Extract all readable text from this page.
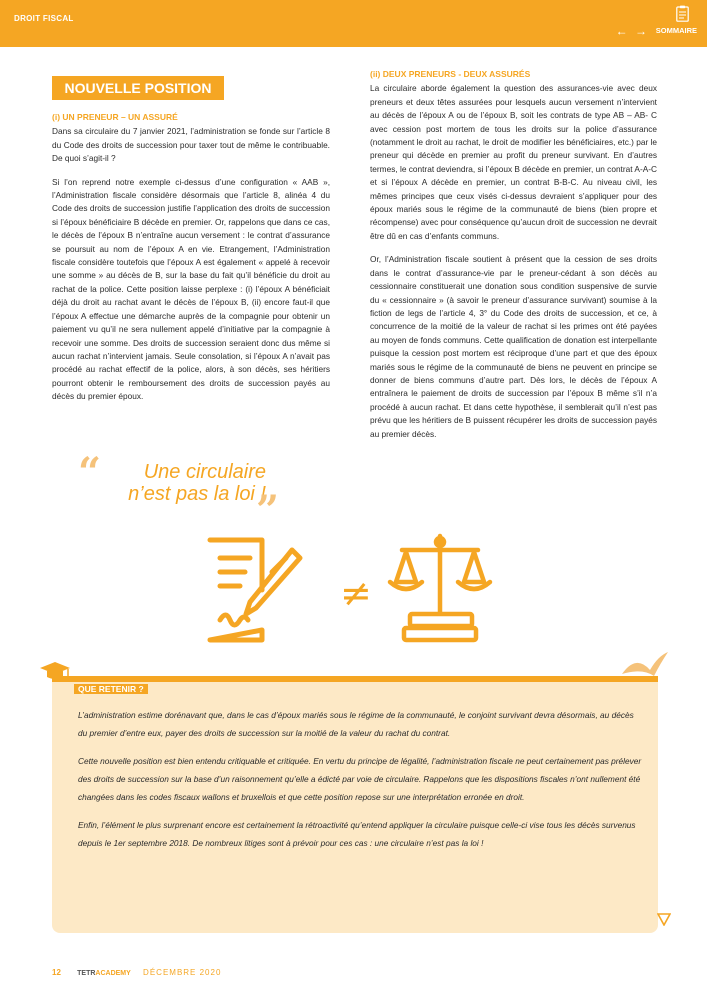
DROIT FISCAL
← → SOMMAIRE
NOUVELLE POSITION
(i) UN PRENEUR – UN ASSURÉ

Dans sa circulaire du 7 janvier 2021, l’administration se fonde sur l’article 8 du Code des droits de succession pour taxer tout de même le contribuable. De quoi s’agit-il ?

Si l’on reprend notre exemple ci-dessus d’une configuration « AAB », l’Administration fiscale considère désormais que l’article 8, alinéa 4 du Code des droits de succession justifie l’application des droits de succession si l’époux bénéficiaire B décède en premier. Or, rappelons que dans ce cas, le décès de l’époux B n’entraîne aucun versement : le contrat d’assurance se poursuit au nom de l’époux A en vie. Etrangement, l’Administration fiscale considère toutefois que l’époux A est également « appelé à recevoir une somme » au décès de B, sur la base du fait qu’il bénéficie du droit au rachat de la police. Cette position laisse perplexe : (i) l’époux A bénéficiait déjà du droit au rachat avant le décès de l’époux B, (ii) encore faut-il que l’époux A effectue une démarche auprès de la compagnie pour obtenir un paiement vu qu’il ne sera nullement appelé d’initiative par la compagnie à recevoir une somme. Des droits de succession seraient donc dus même si aucun rachat n’intervient jamais. Seule consolation, si l’époux A n’avait pas procédé au rachat effectif de la police, alors, à son décès, ses héritiers pourront obtenir le remboursement des droits de succession payés au décès du premier époux.

“	Une circulaire n’est pas la loi !
”
(ii) DEUX PRENEURS - DEUX ASSURÉS

La circulaire aborde également la question des assurances-vie avec deux preneurs et deux têtes assurées pour lesquels aucun versement n’intervient au décès de l’époux A ou de l’époux B, soit les contrats de type AB – AB- C avec cession post mortem de tous les droits sur la police d’assurance (notamment le droit au rachat, le droit de modifier les bénéficiaires, etc.) par le preneur qui décède en premier au profit du preneur survivant. En d’autres termes, le contrat deviendra, si l’époux B décède en premier, un contrat A-A-C et si l’époux A décède en premier, un contrat B-B-C. Au niveau civil, les mêmes principes que ceux visés ci-dessus devraient s’appliquer pour des époux mariés sous le régime de la communauté de biens (bien propre et récompense) avec pour conséquence qu’aucun droit de succession ne devrait être dû en cas d’enfants communs.

Or, l’Administration fiscale soutient à présent que la cession de ses droits dans le contrat d’assurance-vie par le preneur-cédant à son décès au cessionnaire constituerait une donation sous condition suspensive de survie du « cessionnaire » (à savoir le preneur d’assurance survivant) soumise à la fiction de legs de l’article 4, 3° du Code des droits de succession, et ce, à concurrence de la moitié de la valeur de rachat si les primes ont été payées au moyen de fonds communs. Cette qualification de donation est interpellante puisque la cession post mortem est réciproque d’une part et que des époux mariés sous le régime de la communauté de biens ne peuvent en principe se donner de biens communs d’autre part. Dès lors, le décès de l’époux A entraînera le paiement de droits de succession par l’époux B même s’il n’a procédé à aucun rachat. Et dans cette hypothèse, il semblerait qu’il n’est pas prévu que les héritiers de B puissent récupérer les droits de succession payés au premier décès.

≠
QUE RETENIR ?

L’administration estime dorénavant que, dans le cas d’époux mariés sous le régime de la communauté, le conjoint survivant devra désormais, au décès du premier d’entre eux, payer des droits de succession sur la moitié de la valeur du rachat du contrat.

Cette nouvelle position est bien entendu critiquable et critiquée. En vertu du principe de légalité, l’administration fiscale ne peut certainement pas prélever des droits de succession sur la base d’un raisonnement qu’elle a édicté par voie de circulaire. Rappelons que les dispositions fiscales n’ont nullement été changées dans les codes fiscaux wallons et bruxellois et que cette position repose sur une interprétation erronée en droit.

Enfin, l’élément le plus surprenant encore est certainement la rétroactivité qu’entend appliquer la circulaire puisque celle-ci vise tous les décès survenus depuis le 1er septembre 2018. De nombreux litiges sont à prévoir pour ces cas : une circulaire n’est pas la loi !

12 TETRACADEMY DÉCEMBRE 2020
